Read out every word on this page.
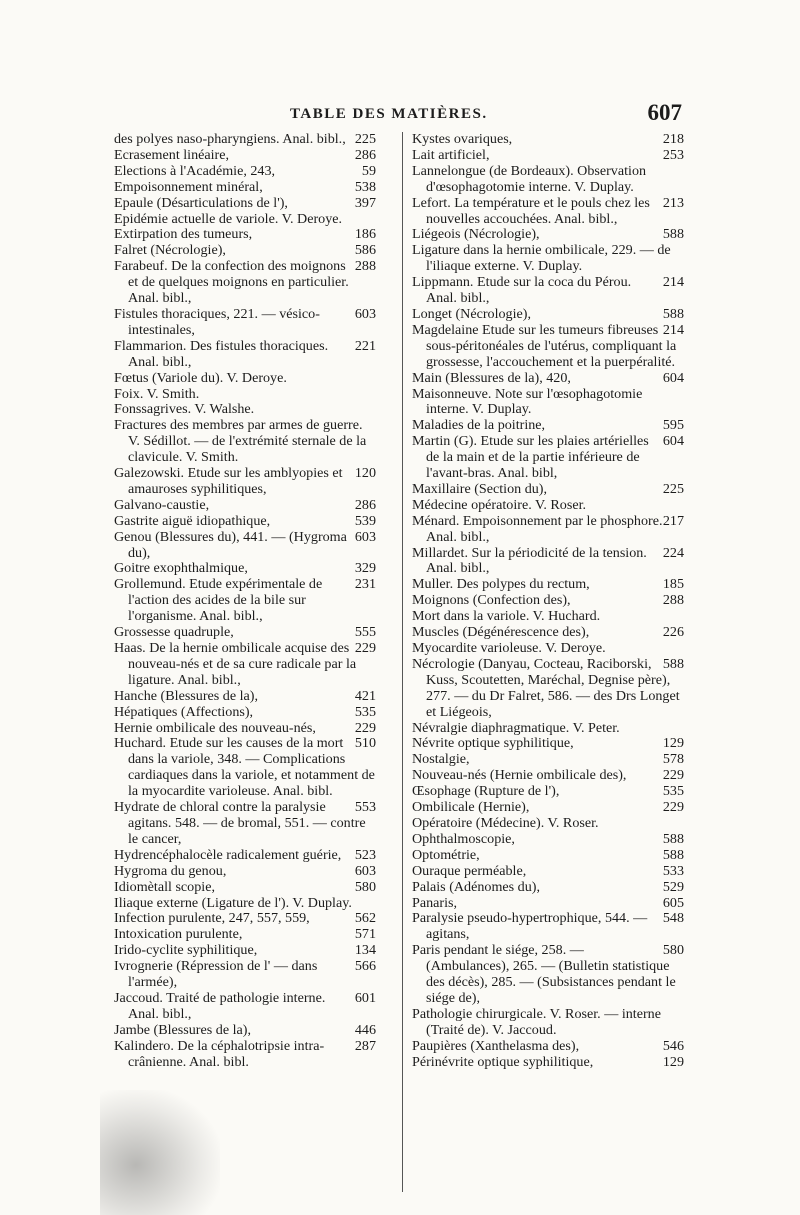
TABLE DES MATIÈRES.	607

225
des polyes naso-pharyngiens. Anal. bibl.,

286
Ecrasement linéaire,

59
Elections à l'Académie, 243,

538
Empoisonnement minéral,

397
Epaule (Désarticulations de l'),

Epidémie actuelle de variole. V. Deroye.

186
Extirpation des tumeurs,

586
Falret (Nécrologie),

288
Farabeuf. De la confection des moignons et de quelques moignons en particulier. Anal. bibl.,

603
Fistules thoraciques, 221. — vésico-intestinales,

221
Flammarion. Des fistules thoraciques. Anal. bibl.,

Fœtus (Variole du). V. Deroye.

Foix. V. Smith.

Fonssagrives. V. Walshe.

Fractures des membres par armes de guerre. V. Sédillot. — de l'extrémité sternale de la clavicule. V. Smith.

120
Galezowski. Etude sur les amblyopies et amauroses syphilitiques,

286
Galvano-caustie,

539
Gastrite aiguë idiopathique,

603
Genou (Blessures du), 441. — (Hygroma du),

329
Goitre exophthalmique,

231
Grollemund. Etude expérimentale de l'action des acides de la bile sur l'organisme. Anal. bibl.,

555
Grossesse quadruple,

229
Haas. De la hernie ombilicale acquise des nouveau-nés et de sa cure radicale par la ligature. Anal. bibl.,

421
Hanche (Blessures de la),

535
Hépatiques (Affections),

229
Hernie ombilicale des nouveau-nés,

510
Huchard. Etude sur les causes de la mort dans la variole, 348. — Complications cardiaques dans la variole, et notamment de la myocardite varioleuse. Anal. bibl.

553
Hydrate de chloral contre la paralysie agitans. 548. — de bromal, 551. — contre le cancer,

523
Hydrencéphalocèle radicalement guérie,

603
Hygroma du genou,

580
Idiomètall scopie,

Iliaque externe (Ligature de l'). V. Duplay.

562
Infection purulente, 247, 557, 559,

571
Intoxication purulente,

134
Irido-cyclite syphilitique,

566
Ivrognerie (Répression de l' — dans l'armée),

601
Jaccoud. Traité de pathologie interne. Anal. bibl.,

446
Jambe (Blessures de la),

287
Kalindero. De la céphalotripsie intra-crânienne. Anal. bibl.

218
Kystes ovariques,

253
Lait artificiel,

Lannelongue (de Bordeaux). Observation d'œsophagotomie interne. V. Duplay.

213
Lefort. La température et le pouls chez les nouvelles accouchées. Anal. bibl.,

588
Liégeois (Nécrologie),

Ligature dans la hernie ombilicale, 229. — de l'iliaque externe. V. Duplay.

214
Lippmann. Etude sur la coca du Pérou. Anal. bibl.,

588
Longet (Nécrologie),

214
Magdelaine Etude sur les tumeurs fibreuses sous-péritonéales de l'utérus, compliquant la grossesse, l'accouchement et la puerpéralité.

604
Main (Blessures de la), 420,

Maisonneuve. Note sur l'œsophagotomie interne. V. Duplay.

595
Maladies de la poitrine,

604
Martin (G). Etude sur les plaies artérielles de la main et de la partie inférieure de l'avant-bras. Anal. bibl,

225
Maxillaire (Section du),

Médecine opératoire. V. Roser.

217
Ménard. Empoisonnement par le phosphore. Anal. bibl.,

224
Millardet. Sur la périodicité de la tension. Anal. bibl.,

185
Muller. Des polypes du rectum,

288
Moignons (Confection des),

Mort dans la variole. V. Huchard.

226
Muscles (Dégénérescence des),

Myocardite varioleuse. V. Deroye.

588
Nécrologie (Danyau, Cocteau, Raciborski, Kuss, Scoutetten, Maréchal, Degnise père), 277. — du Dr Falret, 586. — des Drs Longet et Liégeois,

Névralgie diaphragmatique. V. Peter.

129
Névrite optique syphilitique,

578
Nostalgie,

229
Nouveau-nés (Hernie ombilicale des),

535
Œsophage (Rupture de l'),

229
Ombilicale (Hernie),

Opératoire (Médecine). V. Roser.

588
Ophthalmoscopie,

588
Optométrie,

533
Ouraque perméable,

529
Palais (Adénomes du),

605
Panaris,

548
Paralysie pseudo-hypertrophique, 544. — agitans,

580
Paris pendant le siége, 258. — (Ambulances), 265. — (Bulletin statistique des décès), 285. — (Subsistances pendant le siége de),

Pathologie chirurgicale. V. Roser. — interne (Traité de). V. Jaccoud.

546
Paupières (Xanthelasma des),

129
Périnévrite optique syphilitique,
